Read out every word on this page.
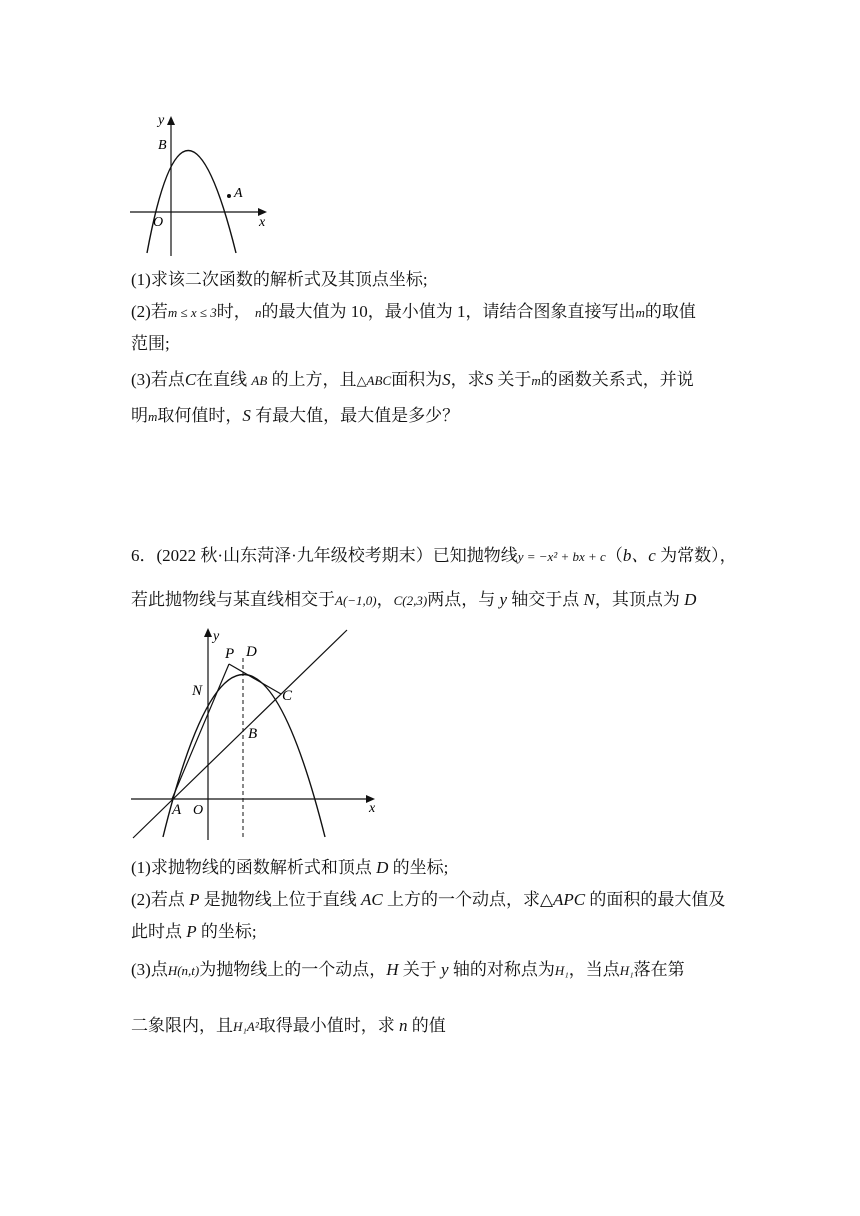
y
x
O
B
A
(1)求该二次函数的解析式及其顶点坐标;
(2)若m ≤ x ≤ 3时， n的最大值为 10，最小值为 1，请结合图象直接写出m的取值
范围;
(3)若点C在直线 AB 的上方，且△ABC面积为S，求S 关于m的函数关系式，并说
明m取何值时，S 有最大值，最大值是多少？
6．(2022 秋·山东菏泽·九年级校考期末）已知抛物线y = −x² + bx + c（b、c 为常数），
若此抛物线与某直线相交于A(−1,0)，C(2,3)两点，与 y 轴交于点 N，其顶点为 D
y
x
O
P D
N	C
B
A
(1)求抛物线的函数解析式和顶点 D 的坐标;
(2)若点 P 是抛物线上位于直线 AC 上方的一个动点，求△APC 的面积的最大值及
此时点 P 的坐标;
(3)点H(n,t)为抛物线上的一个动点，H 关于 y 轴的对称点为H₁，当点H₁落在第
二象限内，且H₁A²取得最小值时，求 n 的值
